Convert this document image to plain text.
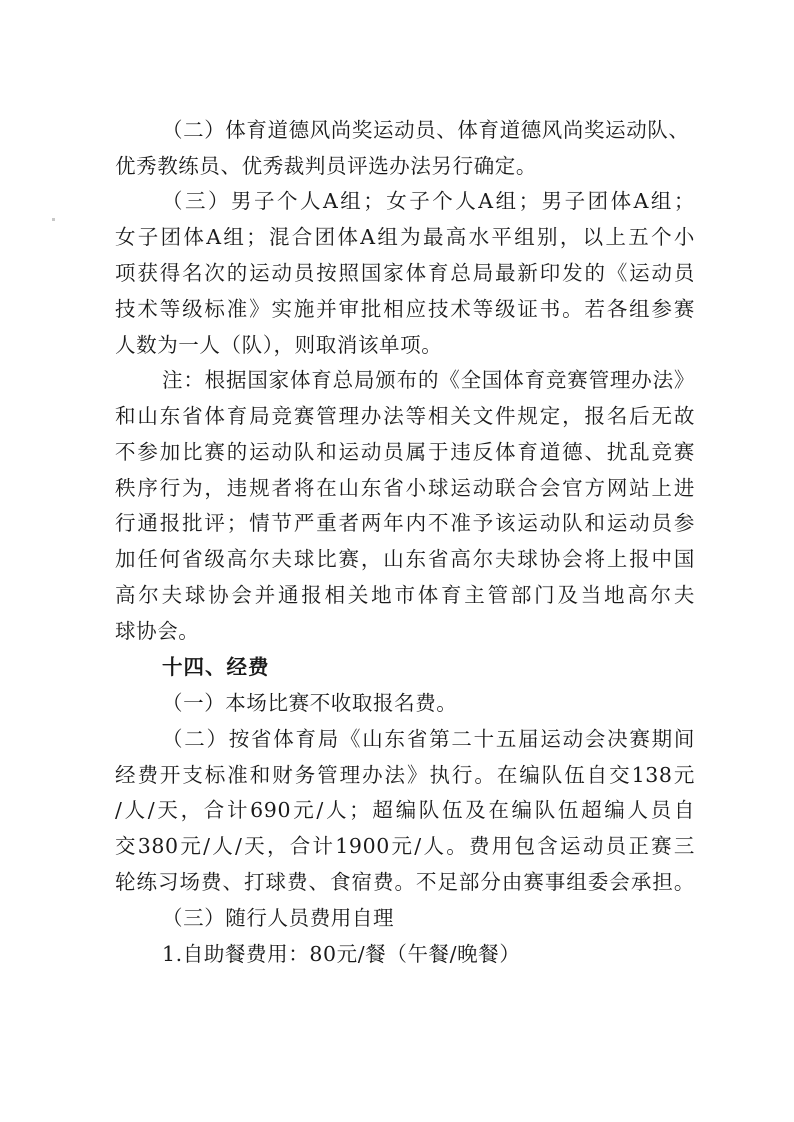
（二）体育道德风尚奖运动员、体育道德风尚奖运动队、
优秀教练员、优秀裁判员评选办法另行确定。
（三）男子个人A组；女子个人A组；男子团体A组；
女子团体A组；混合团体A组为最高水平组别，以上五个小
项获得名次的运动员按照国家体育总局最新印发的《运动员
技术等级标准》实施并审批相应技术等级证书。若各组参赛
人数为一人（队），则取消该单项。
注：根据国家体育总局颁布的《全国体育竞赛管理办法》
和山东省体育局竞赛管理办法等相关文件规定，报名后无故
不参加比赛的运动队和运动员属于违反体育道德、扰乱竞赛
秩序行为，违规者将在山东省小球运动联合会官方网站上进
行通报批评；情节严重者两年内不准予该运动队和运动员参
加任何省级高尔夫球比赛，山东省高尔夫球协会将上报中国
高尔夫球协会并通报相关地市体育主管部门及当地高尔夫
球协会。
十四、经费
（一）本场比赛不收取报名费。
（二）按省体育局《山东省第二十五届运动会决赛期间
经费开支标准和财务管理办法》执行。在编队伍自交138元
/人/天，合计690元/人；超编队伍及在编队伍超编人员自
交380元/人/天，合计1900元/人。费用包含运动员正赛三
轮练习场费、打球费、食宿费。不足部分由赛事组委会承担。
（三）随行人员费用自理
1.自助餐费用：80元/餐（午餐/晚餐）
